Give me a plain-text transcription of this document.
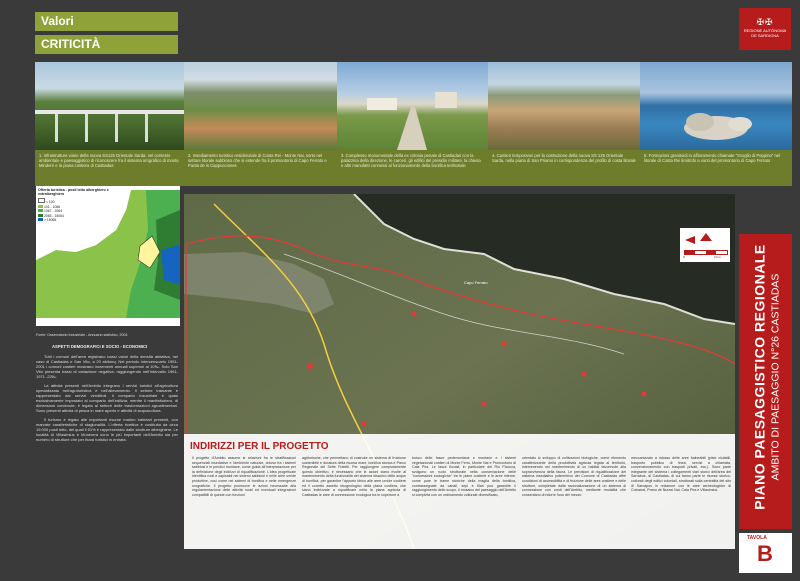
Valori
CRITICITÀ
✠✠
REGIONE AUTÒNOMA
DE SARDIGNA
1. Infrastrutture viarie della nuova SS125 Orientale Sarda: nel contesto ambientale e paesaggistico di riconoscere fra il sistema orografico di monte Minderri e la piana costiera di Castiadas
2. Insediamento turistico residenziale di Costa Rei - Monte Nai, sorto nel settore litorale sabbioso che si estende fra il promontorio di Capo Ferrato e Punta de is Cappucciones
3. Complesso monumentale della ex colonia penale di Castiadas con la palazzina della direzione, le carceri, gli edifici del presidio militare, la chiesa e altri manufatti connessi al funzionamento della bonifica territoriale
4. Cantieri temporanei per la costruzione della nuova SS 125 Orientale Sarda, nella piana di San Priamo in corrispondenza del profilo di costa litorale
5. Formazioni granitoidi in affioramento chiamate "Scoglio di Peppino" nel litorale di Costa Rei limitrofo a vanti del promontorio di Capo Ferrato
Offerta turistica - posti letto alberghiero e extralberghiero
< 100
101 - 1066
1067 - 2064
2065 - 15064
> 15065
Fonte: Osservatorio Industriale - Annuario statistico, 2004
ASPETTI DEMOGRAFICI E SOCIO - ECONOMICI

Tutti i comuni dell'area registrano bassi valori della densità abitativa, nel caso di Castiadas e San Vito, a 20 ab/kmq. Nel periodo intercensuario 1951-2001 i comuni costieri mostrano incrementi annuali superiori al 10‰. Solo San Vito presenta bassi di variazione negativa, raggiungendo nell'intervallo 1961-1971 -22‰.

La attività presenti nell'Ambito integrano i servizi turistici all'agricoltura specializzata nell'agroturistica e nell'allevamento. Il settore trainante è rappresentato dai servizi venditioli. Il comparto insustriale è quasi esclusivamente impostato al comparto dell'edilizia, mentre il manifatturiero, di dimensioni contenute, è legato al settore delle trasformazioni agroalimentari. Sono presenti attività di pesca in mare aperto e attività di acquacoltura.

Il turismo è legato alle importanti risorse marino balneari presenti, con marcate caratteristiche di stagionalità. L'offerta ricettiva è costituita da circa 19.000 posti letto, dei quali il 51% è rappresentato dalle strutture alberghiere. Le località di Villasimius e Muravera sono le più importanti dell'Ambito sia per numero di strutture che per flussi turistici in entrata.

Capo Ferrato
0	2 km
INDIRIZZI PER IL PROGETTO
Il progetto d'Ambito assume le relazioni fra le stratificazioni sequenziali insediative e l'ambiente naturale, chiuso fra i sistemi sabbiosi e le pendici montane, come guida all'interpretazione per la definizione degli indirizzi di riqualificazione. L'idea progettuale identifica ruoli e capisaldi nei sistemi sabbiosi e nelle aree umide produttive, così come nei sistemi di bonifica e nelle emergenze orografiche. Il progetto promuove le azioni necessarie alla regolamentazione delle attività rurali ed eventuali integrazioni compatibili di queste con funzioni
agriturische, che permettano di costruire un sistema di fruizione sostenibile e duratura della risorsa mare, bonifica storica e Parco Regionale del Sette Fratelli. Per raggiungere compiutamente questo obiettivo, è necessario che le azioni siano rivolte al mantenimento della funzionalità del sistema idraulico delle acque di bonifica, per garantire l'apporto idrico alle aree umide costiere ed il corretto assetto idrogeologico della piana costiera, che siano indirizzate a riqualificare nella la piana agricola di Castiadas le aree di connessione ecologica tra le coperture a
bosco delle fasce pedemontane e montane e i sistemi vegetazionali costieri di Monte Ferru, Monte Nai e Promontorio di Cala Pira. Le fasce fluviali, in particolare del Rio Picocca, svolgono un ruolo strutturale nella conservazione delle "connessioni ecologiche" tra le piane costiere e le aree interne, come pure le trame storiche della maglia della bonifica, contrassegnate da canali, sepi e filari può garantire il raggiungimento dello scopo. Il mosaico del paesaggio dell'Ambito si completa con un ordinamento colturale diversificato,
orientato lo sviluppo di coltivazioni biologiche, come elemento caratterizzante della produttività agricola legata al territorio, intervenendo nel mantenimento di un habitat favorevole alla sopravvivenza della fauna. Le previsioni di riqualificazione del sistema insediativo policentrico del Comune di Castiadas affre condizioni di accessibilità e di fruizione delle aree costiere e delle strutture, completate dalla razionalizzazione di un sistema di connessione con cordi dell'Ambito, mediante modalità che consentano di ridurre l'uso del mezzo
meccanizzato a ridosso delle aree balneabili (piste ciclabili, trasporto pubblico di linea, servizi a chiamata, convenzionamento con trasporti privati, ecc.). Sono parte integrante del sistema i collegamenti viari storici dell'area del Sarrabus, di Castiadas, di cui fanno parte le risorse storico-culturali degli edifici coloniali, strutturati sulla centralità del sito di Sarcapos in relazione con le aree archeologiche di Colostrai, Pranu de Nuraxi Nai, Cala Pira e Villasimius.	PIANO PAESAGGISTICO REGIONALE AMBITO DI PAESAGGIO N°26 CASTIADAS
TAVOLA
B
